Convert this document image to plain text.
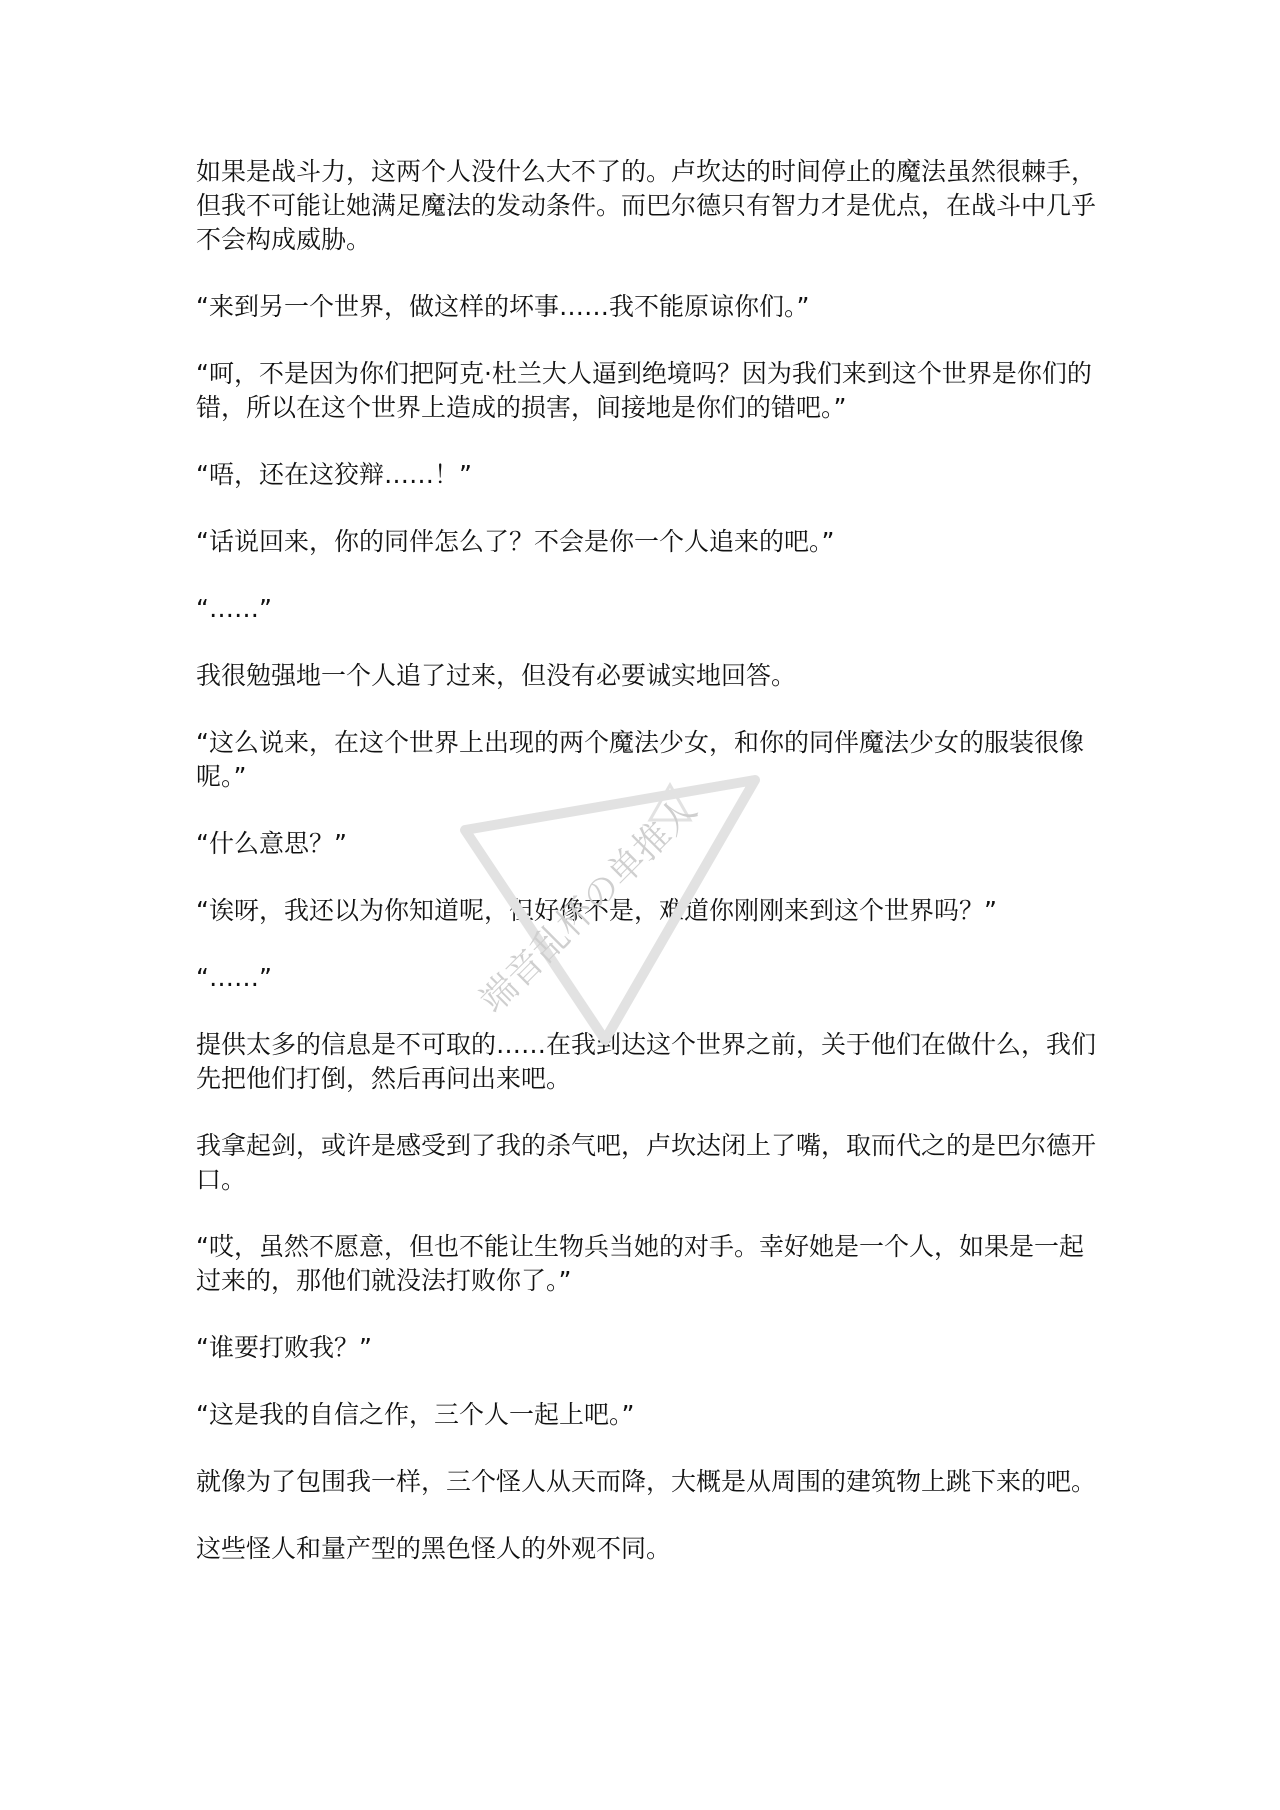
如果是战斗力，这两个人没什么大不了的。卢坎达的时间停止的魔法虽然很棘手，但我不可能让她满足魔法的发动条件。而巴尔德只有智力才是优点，在战斗中几乎不会构成威胁。

“来到另一个世界，做这样的坏事……我不能原谅你们。”

“呵，不是因为你们把阿克·杜兰大人逼到绝境吗？因为我们来到这个世界是你们的错，所以在这个世界上造成的损害，间接地是你们的错吧。”

“唔，还在这狡辩……！”

“话说回来，你的同伴怎么了？不会是你一个人追来的吧。”

“……”

我很勉强地一个人追了过来，但没有必要诚实地回答。

“这么说来，在这个世界上出现的两个魔法少女，和你的同伴魔法少女的服装很像呢。”

“什么意思？”

“诶呀，我还以为你知道呢，但好像不是，难道你刚刚来到这个世界吗？”

“……”

提供太多的信息是不可取的……在我到达这个世界之前，关于他们在做什么，我们先把他们打倒，然后再问出来吧。

我拿起剑，或许是感受到了我的杀气吧，卢坎达闭上了嘴，取而代之的是巴尔德开口。

“哎，虽然不愿意，但也不能让生物兵当她的对手。幸好她是一个人，如果是一起过来的，那他们就没法打败你了。”

“谁要打败我？”

“这是我的自信之作，三个人一起上吧。”

就像为了包围我一样，三个怪人从天而降，大概是从周围的建筑物上跳下来的吧。

这些怪人和量产型的黑色怪人的外观不同。

端音乱杯の单推人
